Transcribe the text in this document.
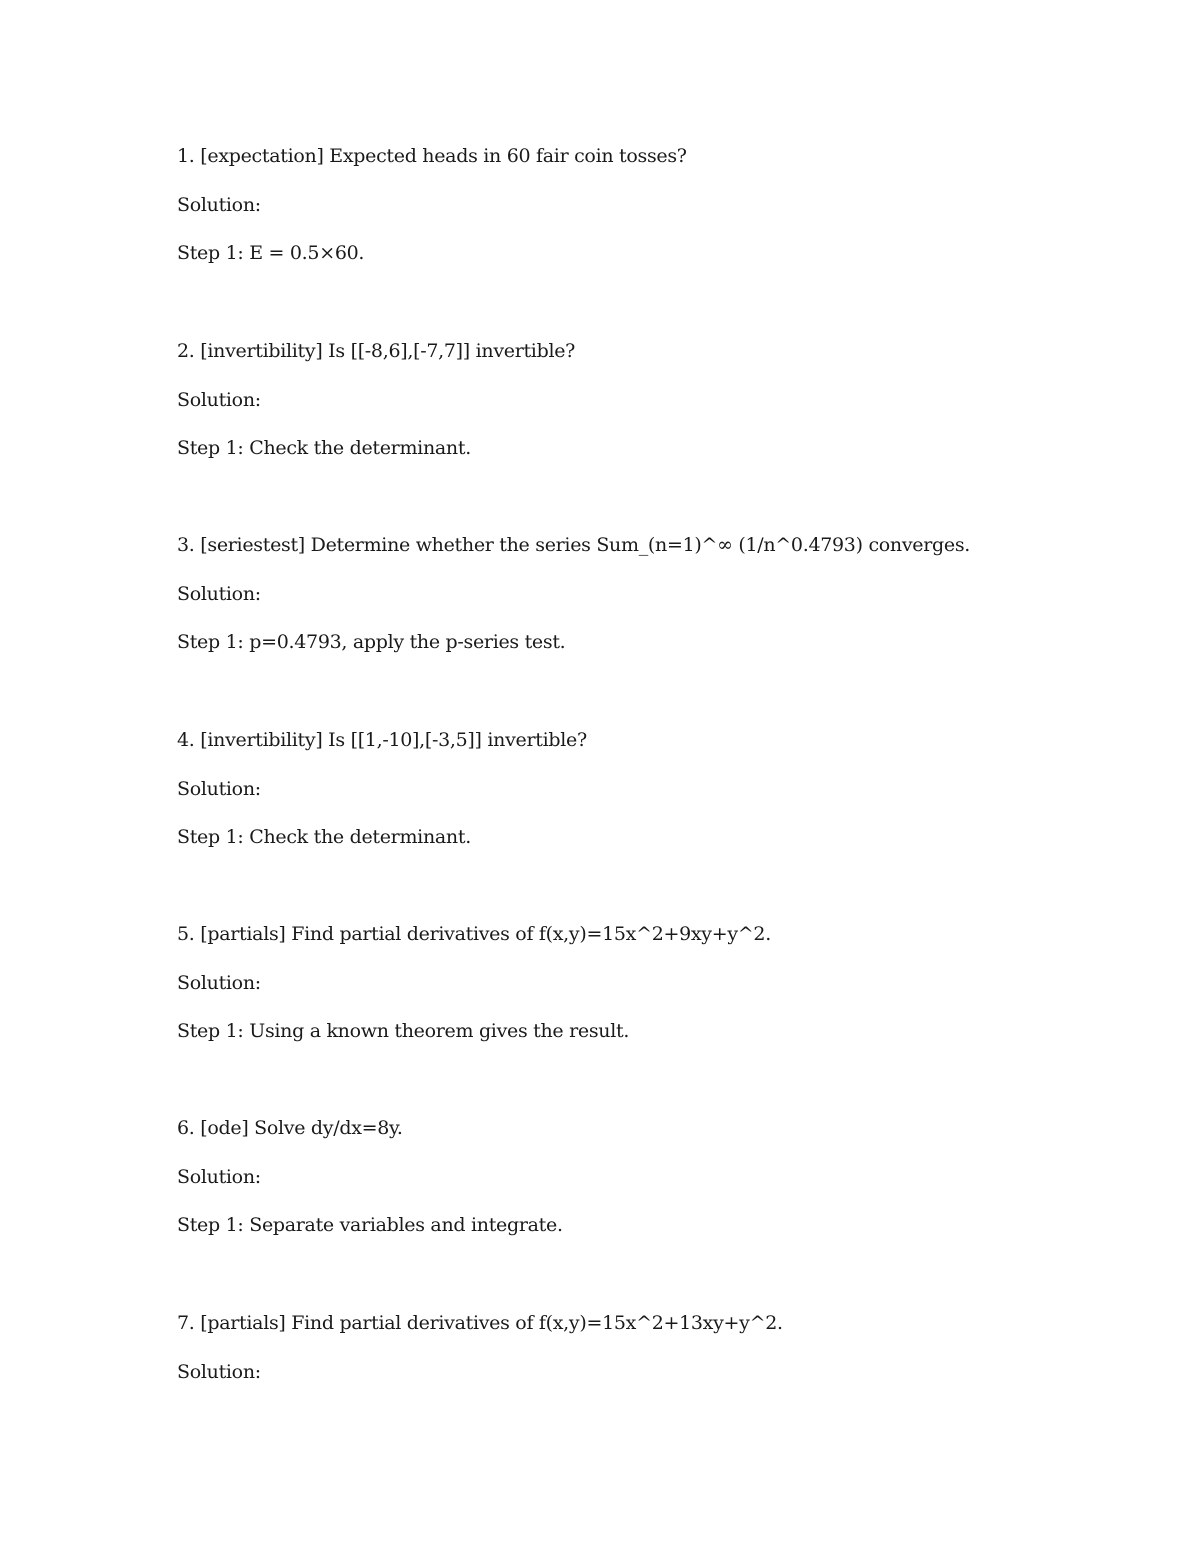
1. [expectation] Expected heads in 60 fair coin tosses?
Solution:
Step 1: E = 0.5×60.
2. [invertibility] Is [[-8,6],[-7,7]] invertible?
Solution:
Step 1: Check the determinant.
3. [seriestest] Determine whether the series Sum_(n=1)^∞ (1/n^0.4793) converges.
Solution:
Step 1: p=0.4793, apply the p-series test.
4. [invertibility] Is [[1,-10],[-3,5]] invertible?
Solution:
Step 1: Check the determinant.
5. [partials] Find partial derivatives of f(x,y)=15x^2+9xy+y^2.
Solution:
Step 1: Using a known theorem gives the result.
6. [ode] Solve dy/dx=8y.
Solution:
Step 1: Separate variables and integrate.
7. [partials] Find partial derivatives of f(x,y)=15x^2+13xy+y^2.
Solution:
